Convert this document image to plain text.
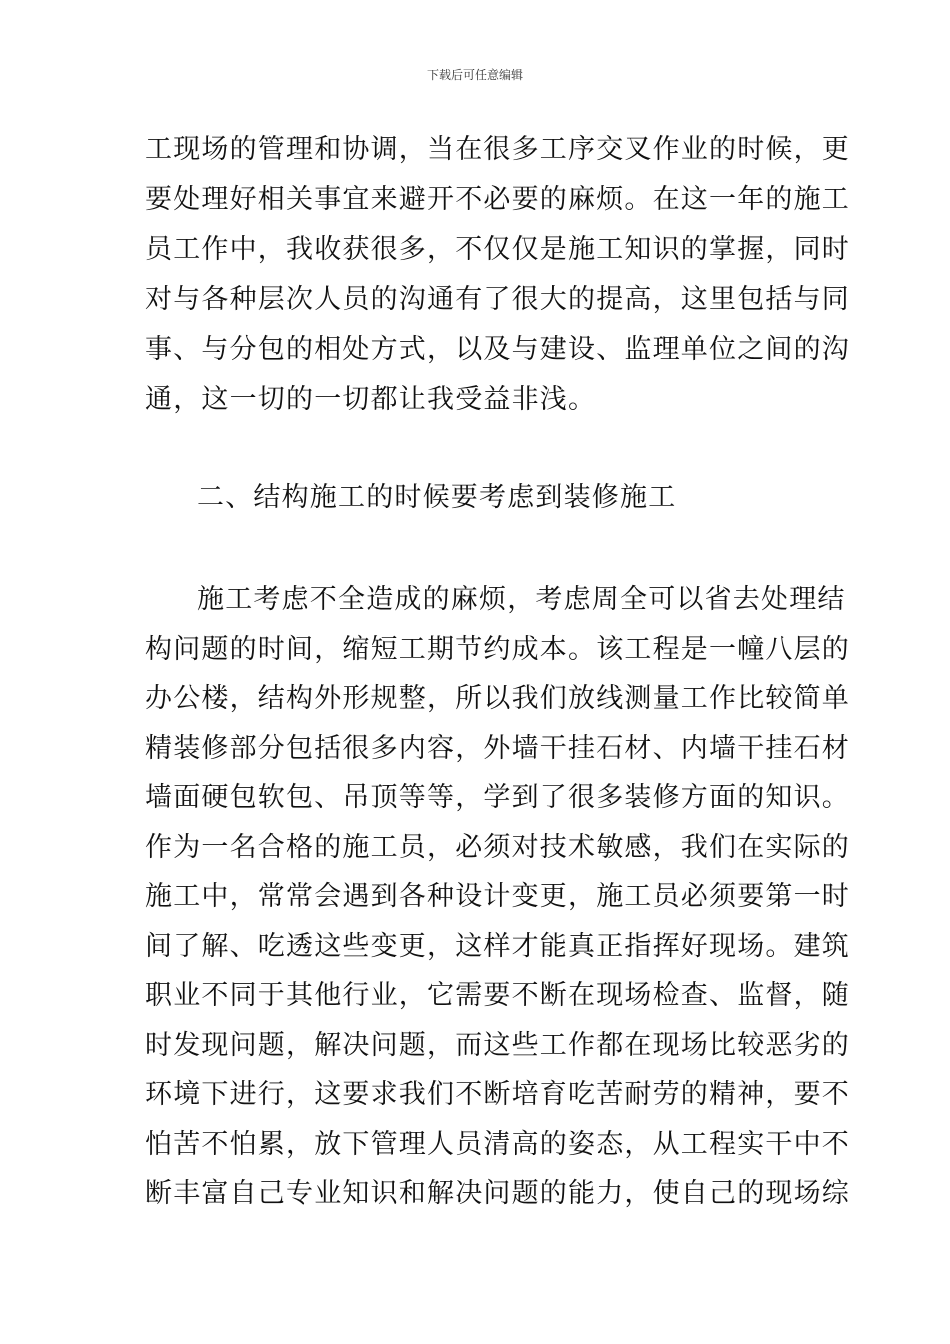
下载后可任意编辑
工现场的管理和协调，当在很多工序交叉作业的时候，更
要处理好相关事宜来避开不必要的麻烦。在这一年的施工
员工作中，我收获很多，不仅仅是施工知识的掌握，同时
对与各种层次人员的沟通有了很大的提高，这里包括与同
事、与分包的相处方式，以及与建设、监理单位之间的沟
通，这一切的一切都让我受益非浅。
二、结构施工的时候要考虑到装修施工
施工考虑不全造成的麻烦，考虑周全可以省去处理结
构问题的时间，缩短工期节约成本。该工程是一幢八层的
办公楼，结构外形规整，所以我们放线测量工作比较简单
精装修部分包括很多内容，外墙干挂石材、内墙干挂石材
墙面硬包软包、吊顶等等，学到了很多装修方面的知识。
作为一名合格的施工员，必须对技术敏感，我们在实际的
施工中，常常会遇到各种设计变更，施工员必须要第一时
间了解、吃透这些变更，这样才能真正指挥好现场。建筑
职业不同于其他行业，它需要不断在现场检查、监督，随
时发现问题，解决问题，而这些工作都在现场比较恶劣的
环境下进行，这要求我们不断培育吃苦耐劳的精神，要不
怕苦不怕累，放下管理人员清高的姿态，从工程实干中不
断丰富自己专业知识和解决问题的能力，使自己的现场综
